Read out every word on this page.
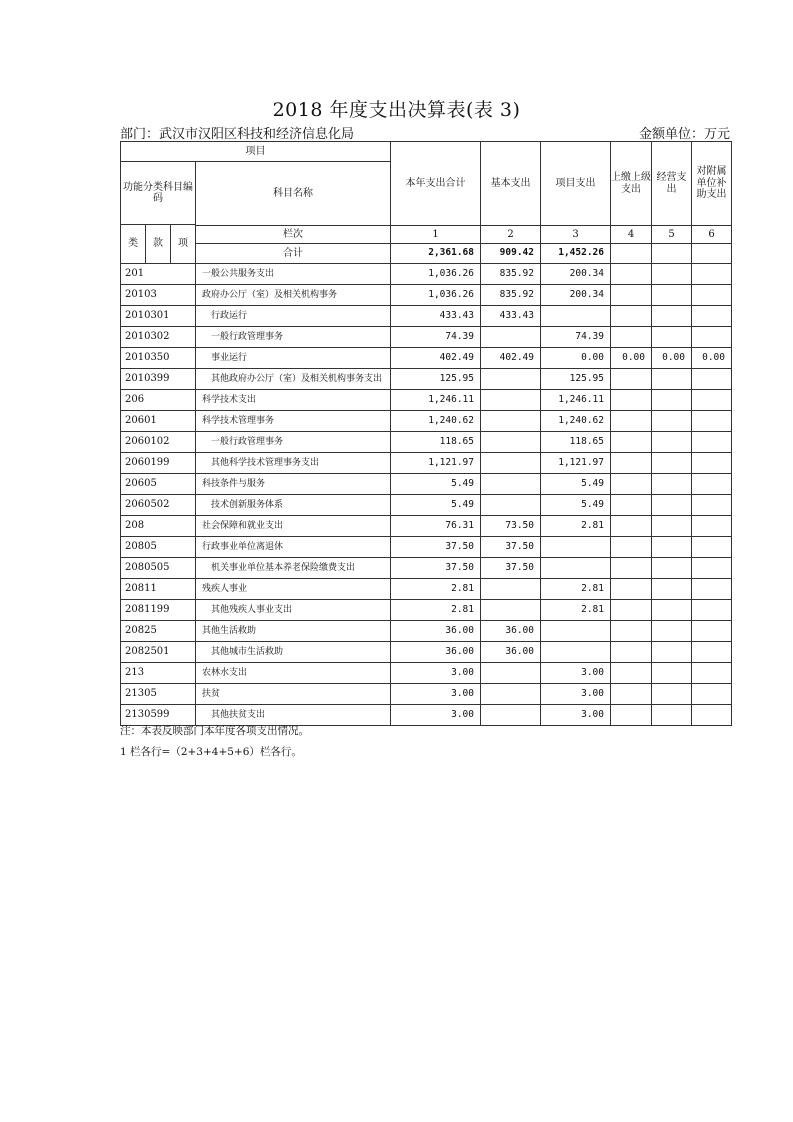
2018 年度支出决算表(表 3)
部门：武汉市汉阳区科技和经济信息化局	金额单位：万元
项目				本年支出合计	基本支出	项目支出	上缴上级支出	经营支出	对附属单位补助支出
功能分类科目编码			科目名称						
类	款	项							
			栏次	1	2	3	4	5	6
			合计	2,361.68	909.42	1,452.26			
201			一般公共服务支出	1,036.26	835.92	200.34			
20103			政府办公厅（室）及相关机构事务	1,036.26	835.92	200.34			
2010301			行政运行	433.43	433.43				
2010302			一般行政管理事务	74.39		74.39			
2010350			事业运行	402.49	402.49	0.00	0.00	0.00	0.00
2010399			其他政府办公厅（室）及相关机构事务支出	125.95		125.95			
206			科学技术支出	1,246.11		1,246.11			
20601			科学技术管理事务	1,240.62		1,240.62			
2060102			一般行政管理事务	118.65		118.65			
2060199			其他科学技术管理事务支出	1,121.97		1,121.97			
20605			科技条件与服务	5.49		5.49			
2060502			技术创新服务体系	5.49		5.49			
208			社会保障和就业支出	76.31	73.50	2.81			
20805			行政事业单位离退休	37.50	37.50				
2080505			机关事业单位基本养老保险缴费支出	37.50	37.50				
20811			残疾人事业	2.81		2.81			
2081199			其他残疾人事业支出	2.81		2.81			
20825			其他生活救助	36.00	36.00				
2082501			其他城市生活救助	36.00	36.00				
213			农林水支出	3.00		3.00			
21305			扶贫	3.00		3.00			
2130599			其他扶贫支出	3.00		3.00			
注：本表反映部门本年度各项支出情况。
1 栏各行=（2+3+4+5+6）栏各行。
